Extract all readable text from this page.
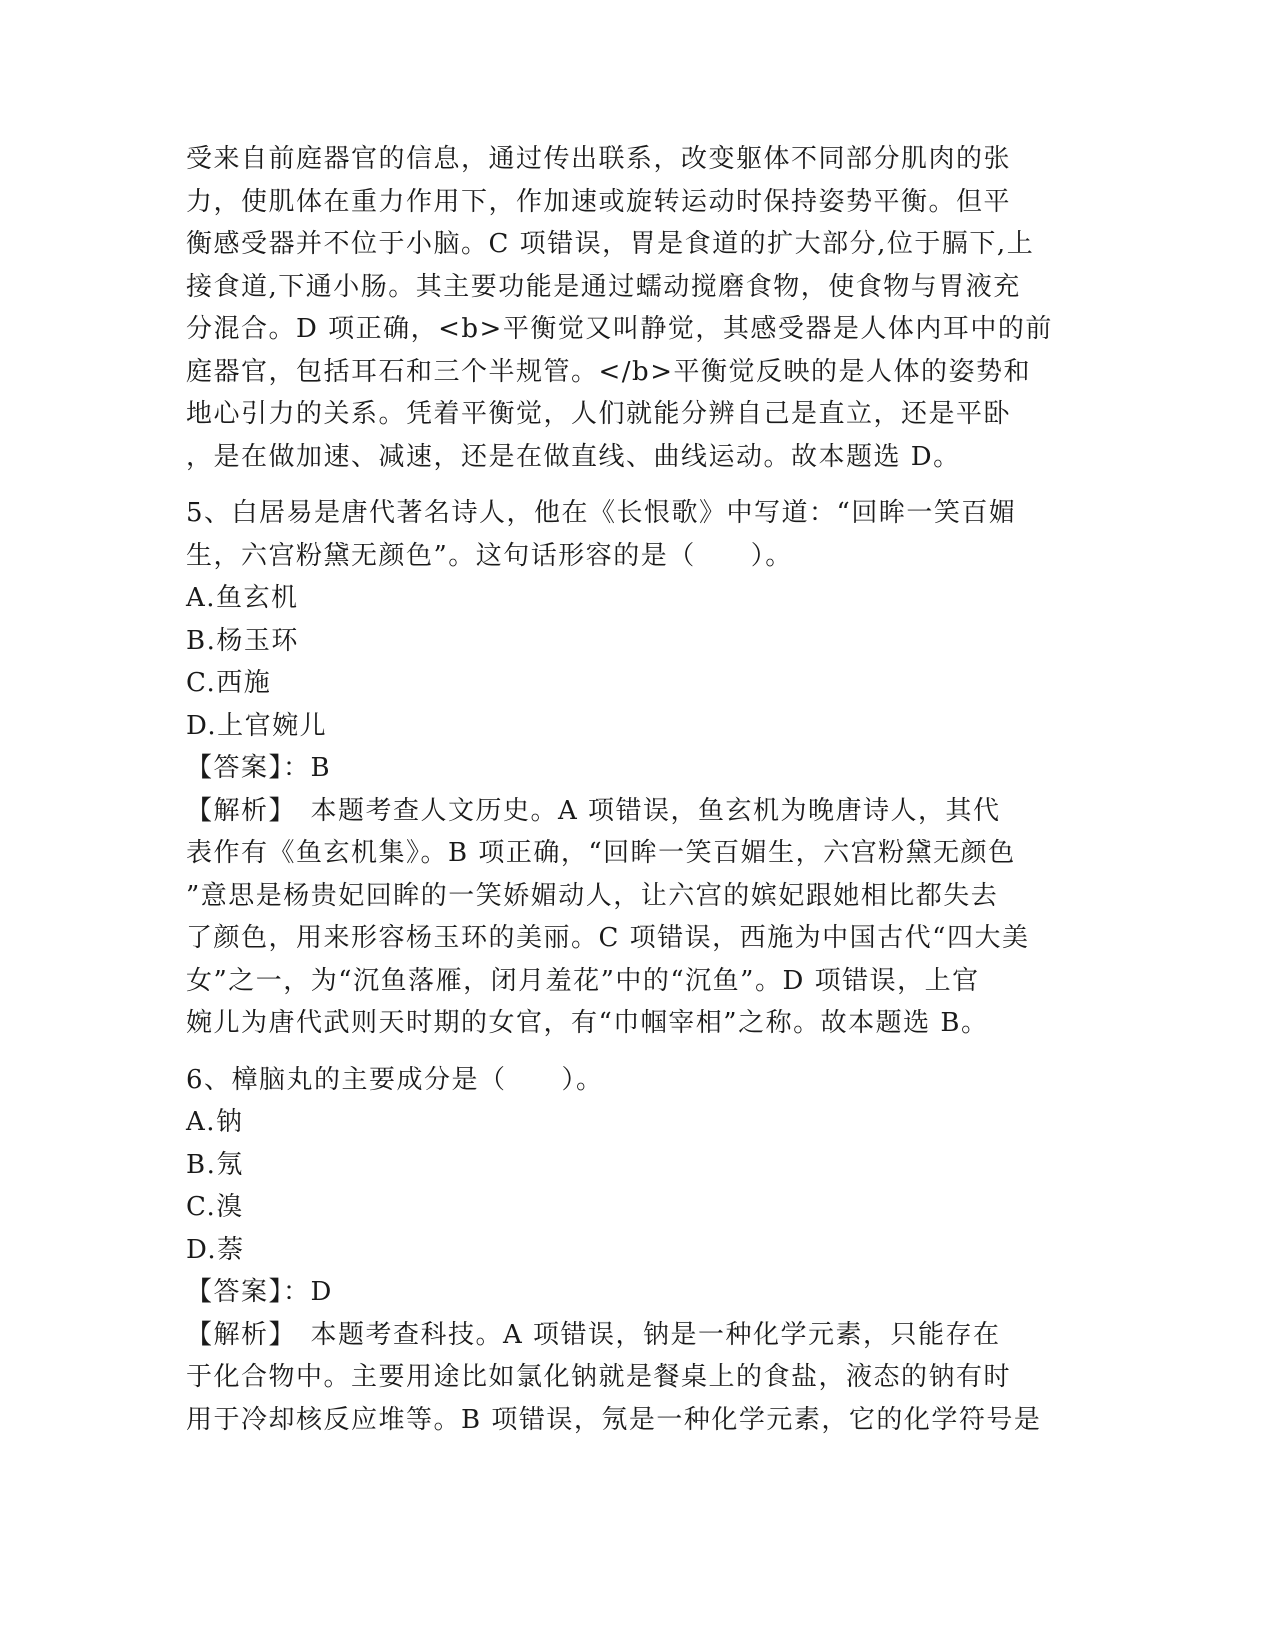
受来自前庭器官的信息，通过传出联系，改变躯体不同部分肌肉的张
力，使肌体在重力作用下，作加速或旋转运动时保持姿势平衡。但平
衡感受器并不位于小脑。C 项错误，胃是食道的扩大部分,位于膈下,上
接食道,下通小肠。其主要功能是通过蠕动搅磨食物，使食物与胃液充
分混合。D 项正确，<b>平衡觉又叫静觉，其感受器是人体内耳中的前
庭器官，包括耳石和三个半规管。</b>平衡觉反映的是人体的姿势和
地心引力的关系。凭着平衡觉，人们就能分辨自己是直立，还是平卧
，是在做加速、减速，还是在做直线、曲线运动。故本题选 D。
5、白居易是唐代著名诗人，他在《长恨歌》中写道：“回眸一笑百媚
生，六宫粉黛无颜色”。这句话形容的是（　　）。
A.鱼玄机
B.杨玉环
C.西施
D.上官婉儿
【答案】：B
【解析】　本题考查人文历史。A 项错误，鱼玄机为晚唐诗人，其代
表作有《鱼玄机集》。B 项正确，“回眸一笑百媚生，六宫粉黛无颜色
”意思是杨贵妃回眸的一笑娇媚动人，让六宫的嫔妃跟她相比都失去
了颜色，用来形容杨玉环的美丽。C 项错误，西施为中国古代“四大美
女”之一，为“沉鱼落雁，闭月羞花”中的“沉鱼”。D 项错误，上官
婉儿为唐代武则天时期的女官，有“巾帼宰相”之称。故本题选 B。
6、樟脑丸的主要成分是（　　）。
A.钠
B.氖
C.溴
D.萘
【答案】：D
【解析】　本题考查科技。A 项错误，钠是一种化学元素，只能存在
于化合物中。主要用途比如氯化钠就是餐桌上的食盐，液态的钠有时
用于冷却核反应堆等。B 项错误，氖是一种化学元素，它的化学符号是
